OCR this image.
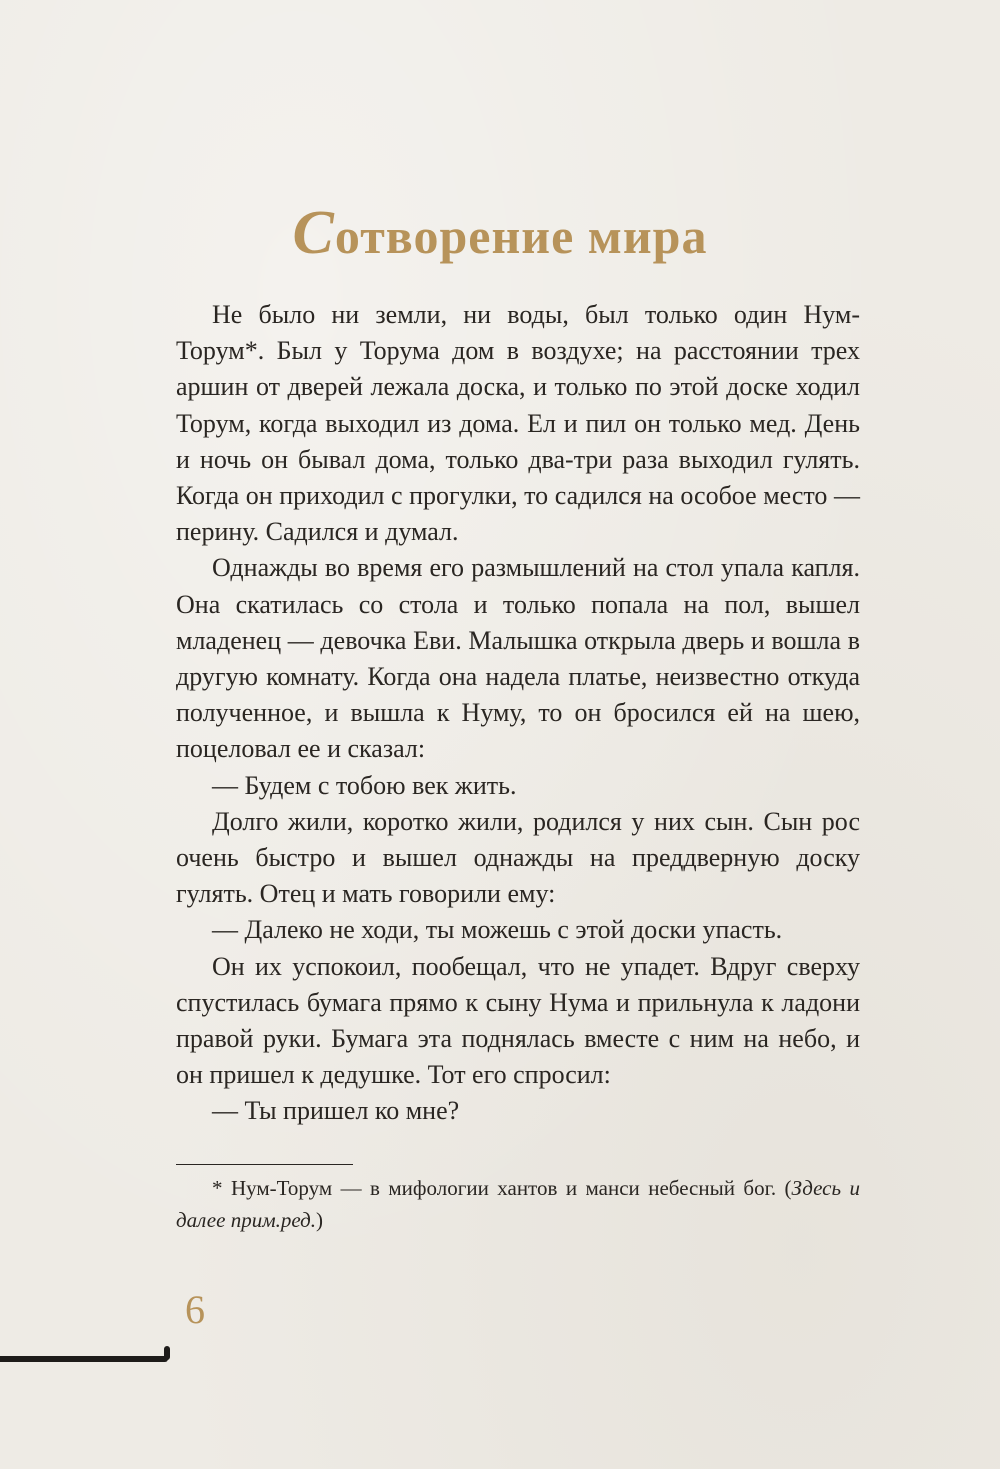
Сотворение мира

Не было ни земли, ни воды, был только один Нум-Торум*. Был у Торума дом в воздухе; на расстоянии трех аршин от дверей лежала доска, и только по этой доске ходил Торум, когда выходил из дома. Ел и пил он только мед. День и ночь он бывал дома, только два-три раза выходил гулять. Когда он приходил с прогулки, то садился на особое место — перину. Садился и думал.

Однажды во время его размышлений на стол упала капля. Она скатилась со стола и только попала на пол, вышел младенец — девочка Еви. Малышка открыла дверь и вошла в другую комнату. Когда она надела платье, неизвестно откуда полученное, и вышла к Нуму, то он бросился ей на шею, поцеловал ее и сказал:

— Будем с тобою век жить.

Долго жили, коротко жили, родился у них сын. Сын рос очень быстро и вышел однажды на преддверную доску гулять. Отец и мать говорили ему:

— Далеко не ходи, ты можешь с этой доски упасть.

Он их успокоил, пообещал, что не упадет. Вдруг сверху спустилась бумага прямо к сыну Нума и прильнула к ладони правой руки. Бумага эта поднялась вместе с ним на небо, и он пришел к дедушке. Тот его спросил:

— Ты пришел ко мне?

* Нум-Торум — в мифологии хантов и манси небесный бог. (Здесь и далее прим.ред.)
6
